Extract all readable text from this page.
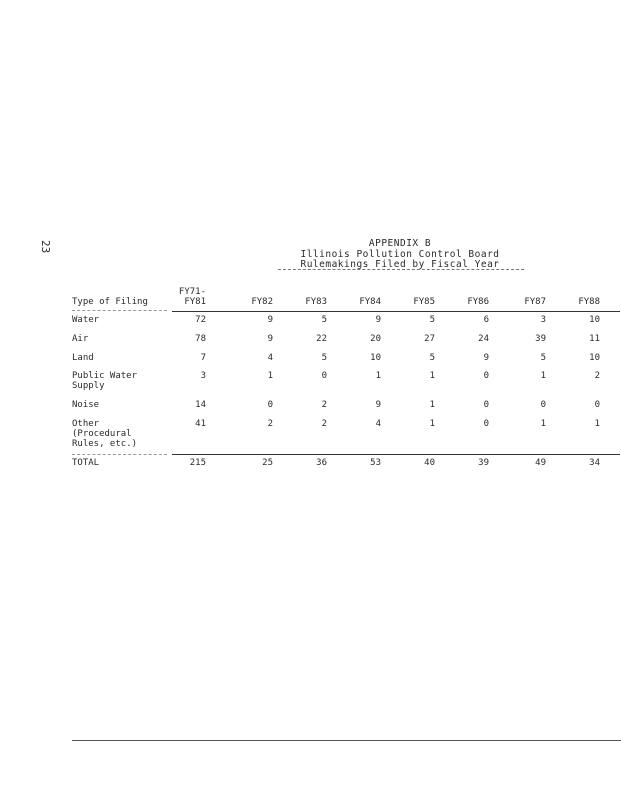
23	APPENDIX B
Illinois Pollution Control Board
Rulemakings Filed by Fiscal Year
Type of Filing
FY71-
FY81	FY82	FY83	FY84	FY85	FY86	FY87	FY88
Water	72	9	5	9	5	6	3	10
Air	78	9	22	20	27	24	39	11
Land	7	4	5	10	5	9	5	10
Public Water
Supply
3	1	0	1	1	0	1	2
Noise	14	0	2	9	1	0	0	0
Other
(Procedural
Rules, etc.)
41	2	2	4	1	0	1	1
TOTAL	215	25	36	53	40	39	49	34
